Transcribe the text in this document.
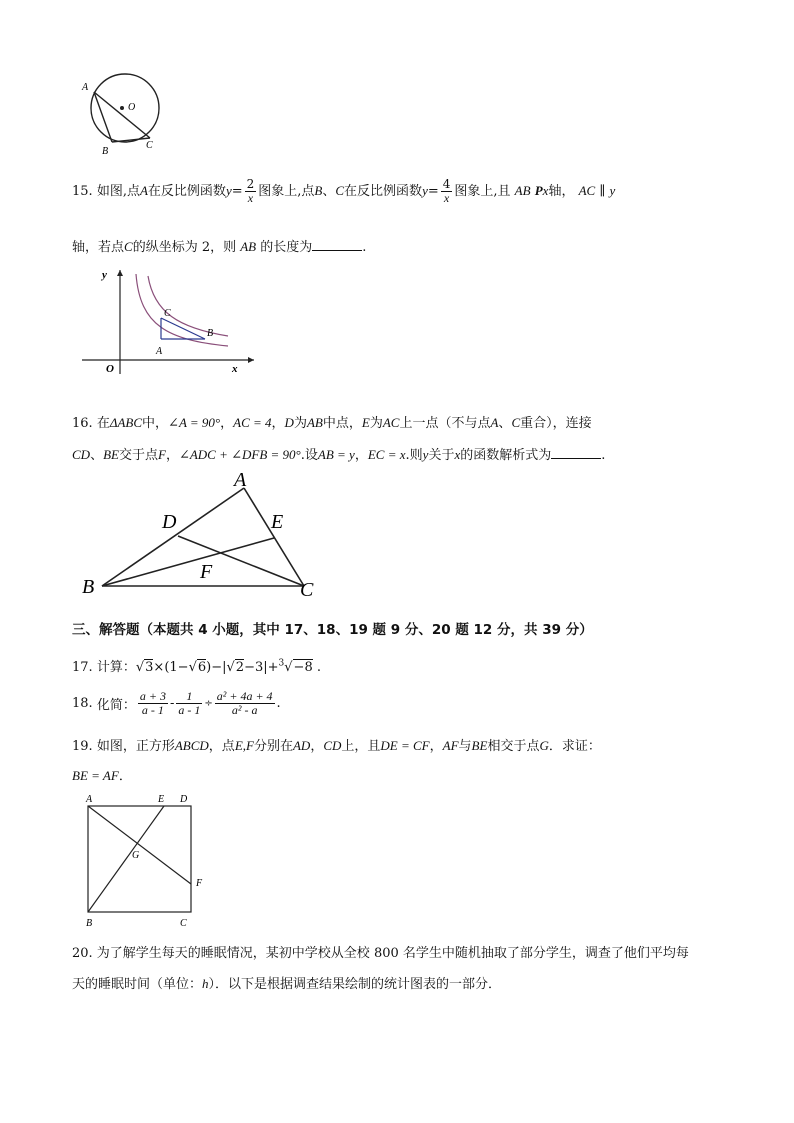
A
O
B
C
15. 如图,点A在反比例函数$y= \frac{2}{x}$ 图象上,点B、C在反比例函数$y= \frac{4}{x}$ 图象上,且 AB Px轴， AC ∥ y
轴，若点C的纵坐标为 2，则 AB 的长度为	.
y
x
O
C
B
A
16. 在ΔABC中，∠A = 90°，AC = 4，D为AB中点，E为AC上一点（不与点A、C重合），连接
CD、BE交于点F，∠ADC + ∠DFB = 90°.设AB = y，EC = x.则y关于x的函数解析式为	.
A
D	E
F
B	C
三、解答题（本题共 4 小题，其中 17、18、19 题 9 分、20 题 12 分，共 39 分）
17. 计算：√3×(1−√6)−|√2−3|+$^3$√−8 .
18. 化简： $\frac{a + 3}{a - 1} - \frac{1}{a - 1} \div \frac{\text{a² + 4a + 4}}{\text{a² - a}}$ .
19. 如图，正方形ABCD，点E,F分别在AD，CD上，且DE = CF，AF与BE相交于点G．求证：
BE = AF．
A	E D
G
F
B	C
20. 为了解学生每天的睡眠情况，某初中学校从全校 800 名学生中随机抽取了部分学生，调查了他们平均每
天的睡眠时间（单位：h）．以下是根据调查结果绘制的统计图表的一部分．
